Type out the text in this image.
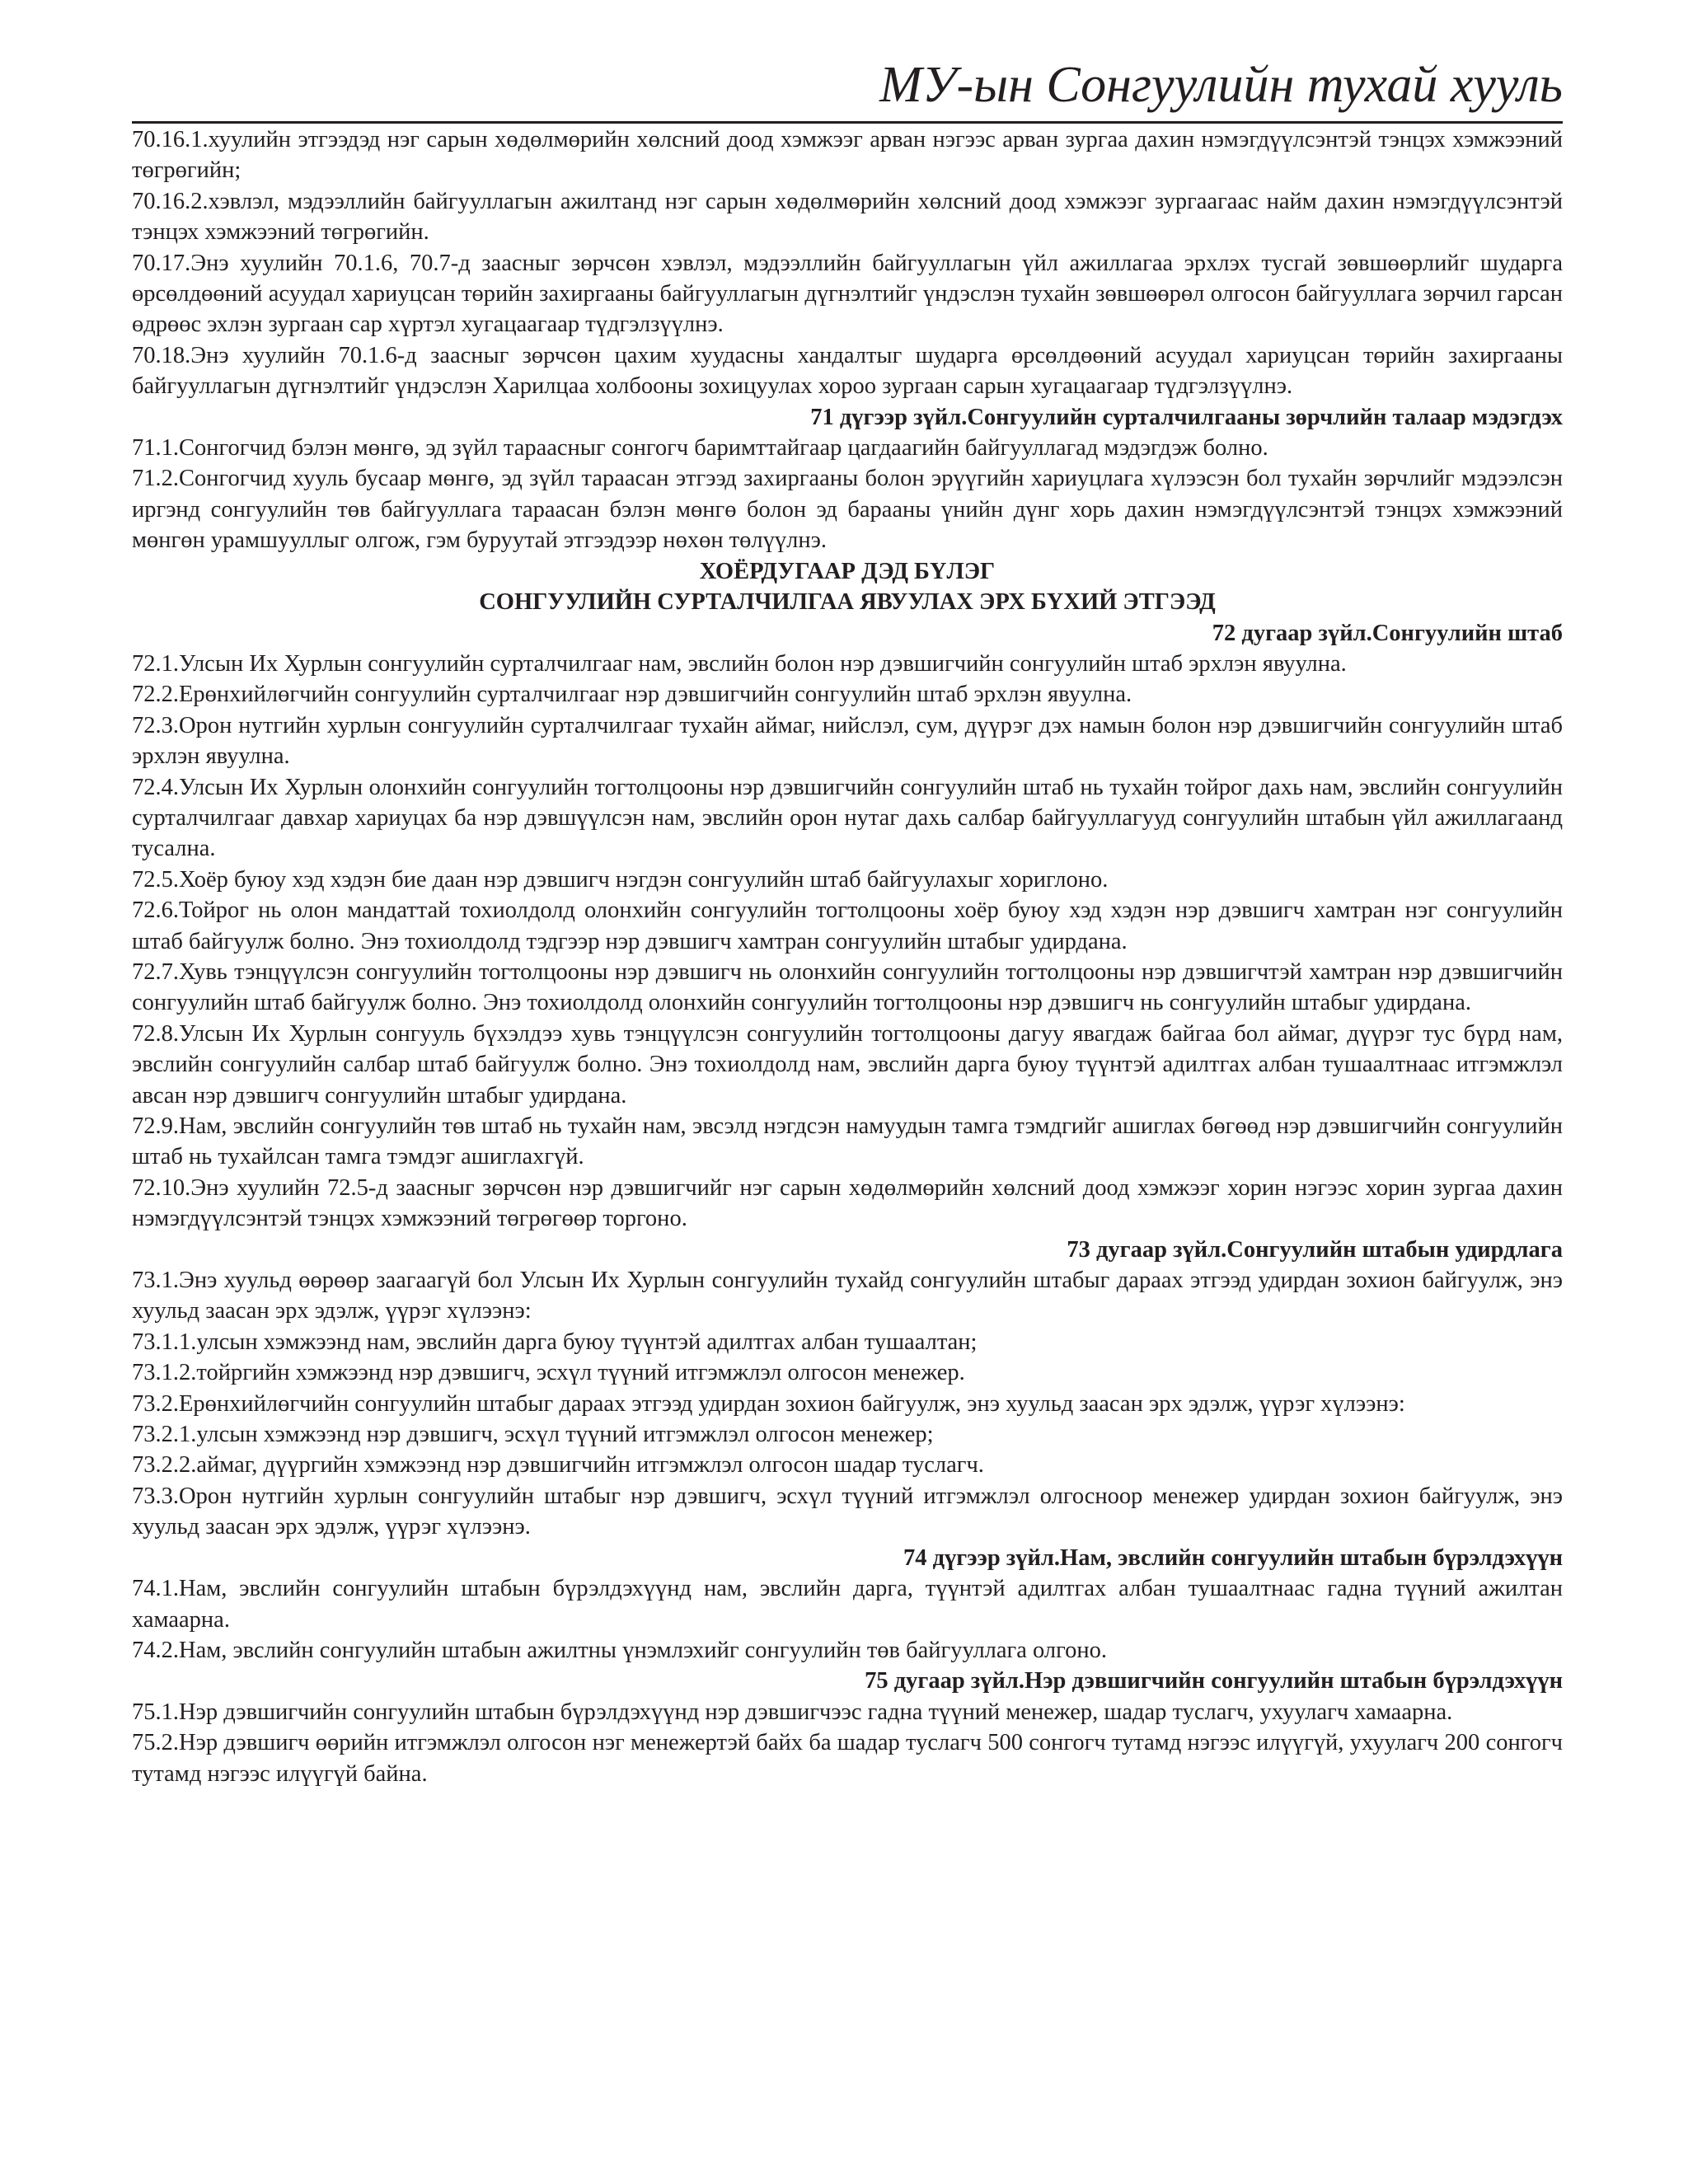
МУ-ын Сонгуулийн тухай хууль

70.16.1.хуулийн этгээдэд нэг сарын хөдөлмөрийн хөлсний доод хэмжээг арван нэгээс арван зургаа дахин нэмэгдүүлсэнтэй тэнцэх хэмжээний төгрөгийн;

70.16.2.хэвлэл, мэдээллийн байгууллагын ажилтанд нэг сарын хөдөлмөрийн хөлсний доод хэмжээг зургаагаас найм дахин нэмэгдүүлсэнтэй тэнцэх хэмжээний төгрөгийн.

70.17.Энэ хуулийн 70.1.6, 70.7-д заасныг зөрчсөн хэвлэл, мэдээллийн байгууллагын үйл ажиллагаа эрхлэх тусгай зөвшөөрлийг шударга өрсөлдөөний асуудал хариуцсан төрийн захиргааны байгууллагын дүгнэлтийг үндэслэн тухайн зөвшөөрөл олгосон байгууллага зөрчил гарсан өдрөөс эхлэн зургаан сар хүртэл хугацаагаар түдгэлзүүлнэ.

70.18.Энэ хуулийн 70.1.6-д заасныг зөрчсөн цахим хуудасны хандалтыг шударга өрсөлдөөний асуудал хариуцсан төрийн захиргааны байгууллагын дүгнэлтийг үндэслэн Харилцаа холбооны зохицуулах хороо зургаан сарын хугацаагаар түдгэлзүүлнэ.

71 дүгээр зүйл.Сонгуулийн сурталчилгааны зөрчлийн талаар мэдэгдэх

71.1.Сонгогчид бэлэн мөнгө, эд зүйл тараасныг сонгогч баримттайгаар цагдаагийн байгууллагад мэдэгдэж болно.

71.2.Сонгогчид хууль бусаар мөнгө, эд зүйл тараасан этгээд захиргааны болон эрүүгийн хариуцлага хүлээсэн бол тухайн зөрчлийг мэдээлсэн иргэнд сонгуулийн төв байгууллага тараасан бэлэн мөнгө болон эд барааны үнийн дүнг хорь дахин нэмэгдүүлсэнтэй тэнцэх хэмжээний мөнгөн урамшууллыг олгож, гэм буруутай этгээдээр нөхөн төлүүлнэ.

ХОЁРДУГААР ДЭД БҮЛЭГ

СОНГУУЛИЙН СУРТАЛЧИЛГАА ЯВУУЛАХ ЭРХ БҮХИЙ ЭТГЭЭД

72 дугаар зүйл.Сонгуулийн штаб

72.1.Улсын Их Хурлын сонгуулийн сурталчилгааг нам, эвслийн болон нэр дэвшигчийн сонгуулийн штаб эрхлэн явуулна.

72.2.Ерөнхийлөгчийн сонгуулийн сурталчилгааг нэр дэвшигчийн сонгуулийн штаб эрхлэн явуулна.

72.3.Орон нутгийн хурлын сонгуулийн сурталчилгааг тухайн аймаг, нийслэл, сум, дүүрэг дэх намын болон нэр дэвшигчийн сонгуулийн штаб эрхлэн явуулна.

72.4.Улсын Их Хурлын олонхийн сонгуулийн тогтолцооны нэр дэвшигчийн сонгуулийн штаб нь тухайн тойрог дахь нам, эвслийн сонгуулийн сурталчилгааг давхар хариуцах ба нэр дэвшүүлсэн нам, эвслийн орон нутаг дахь салбар байгууллагууд сонгуулийн штабын үйл ажиллагаанд тусална.

72.5.Хоёр буюу хэд хэдэн бие даан нэр дэвшигч нэгдэн сонгуулийн штаб байгуулахыг хориглоно.

72.6.Тойрог нь олон мандаттай тохиолдолд олонхийн сонгуулийн тогтолцооны хоёр буюу хэд хэдэн нэр дэвшигч хамтран нэг сонгуулийн штаб байгуулж болно. Энэ тохиолдолд тэдгээр нэр дэвшигч хамтран сонгуулийн штабыг удирдана.

72.7.Хувь тэнцүүлсэн сонгуулийн тогтолцооны нэр дэвшигч нь олонхийн сонгуулийн тогтолцооны нэр дэвшигчтэй хамтран нэр дэвшигчийн сонгуулийн штаб байгуулж болно. Энэ тохиолдолд олонхийн сонгуулийн тогтолцооны нэр дэвшигч нь сонгуулийн штабыг удирдана.

72.8.Улсын Их Хурлын сонгууль бүхэлдээ хувь тэнцүүлсэн сонгуулийн тогтолцооны дагуу явагдаж байгаа бол аймаг, дүүрэг тус бүрд нам, эвслийн сонгуулийн салбар штаб байгуулж болно. Энэ тохиолдолд нам, эвслийн дарга буюу түүнтэй адилтгах албан тушаалтнаас итгэмжлэл авсан нэр дэвшигч сонгуулийн штабыг удирдана.

72.9.Нам, эвслийн сонгуулийн төв штаб нь тухайн нам, эвсэлд нэгдсэн намуудын тамга тэмдгийг ашиглах бөгөөд нэр дэвшигчийн сонгуулийн штаб нь тухайлсан тамга тэмдэг ашиглахгүй.

72.10.Энэ хуулийн 72.5-д заасныг зөрчсөн нэр дэвшигчийг нэг сарын хөдөлмөрийн хөлсний доод хэмжээг хорин нэгээс хорин зургаа дахин нэмэгдүүлсэнтэй тэнцэх хэмжээний төгрөгөөр торгоно.

73 дугаар зүйл.Сонгуулийн штабын удирдлага

73.1.Энэ хуульд өөрөөр заагаагүй бол Улсын Их Хурлын сонгуулийн тухайд сонгуулийн штабыг дараах этгээд удирдан зохион байгуулж, энэ хуульд заасан эрх эдэлж, үүрэг хүлээнэ:

73.1.1.улсын хэмжээнд нам, эвслийн дарга буюу түүнтэй адилтгах албан тушаалтан;

73.1.2.тойргийн хэмжээнд нэр дэвшигч, эсхүл түүний итгэмжлэл олгосон менежер.

73.2.Ерөнхийлөгчийн сонгуулийн штабыг дараах этгээд удирдан зохион байгуулж, энэ хуульд заасан эрх эдэлж, үүрэг хүлээнэ:

73.2.1.улсын хэмжээнд нэр дэвшигч, эсхүл түүний итгэмжлэл олгосон менежер;

73.2.2.аймаг, дүүргийн хэмжээнд нэр дэвшигчийн итгэмжлэл олгосон шадар туслагч.

73.3.Орон нутгийн хурлын сонгуулийн штабыг нэр дэвшигч, эсхүл түүний итгэмжлэл олгосноор менежер удирдан зохион байгуулж, энэ хуульд заасан эрх эдэлж, үүрэг хүлээнэ.

74 дүгээр зүйл.Нам, эвслийн сонгуулийн штабын бүрэлдэхүүн

74.1.Нам, эвслийн сонгуулийн штабын бүрэлдэхүүнд нам, эвслийн дарга, түүнтэй адилтгах албан тушаалтнаас гадна түүний ажилтан хамаарна.

74.2.Нам, эвслийн сонгуулийн штабын ажилтны үнэмлэхийг сонгуулийн төв байгууллага олгоно.

75 дугаар зүйл.Нэр дэвшигчийн сонгуулийн штабын бүрэлдэхүүн

75.1.Нэр дэвшигчийн сонгуулийн штабын бүрэлдэхүүнд нэр дэвшигчээс гадна түүний менежер, шадар туслагч, ухуулагч хамаарна.

75.2.Нэр дэвшигч өөрийн итгэмжлэл олгосон нэг менежертэй байх ба шадар туслагч 500 сонгогч тутамд нэгээс илүүгүй, ухуулагч 200 сонгогч тутамд нэгээс илүүгүй байна.
